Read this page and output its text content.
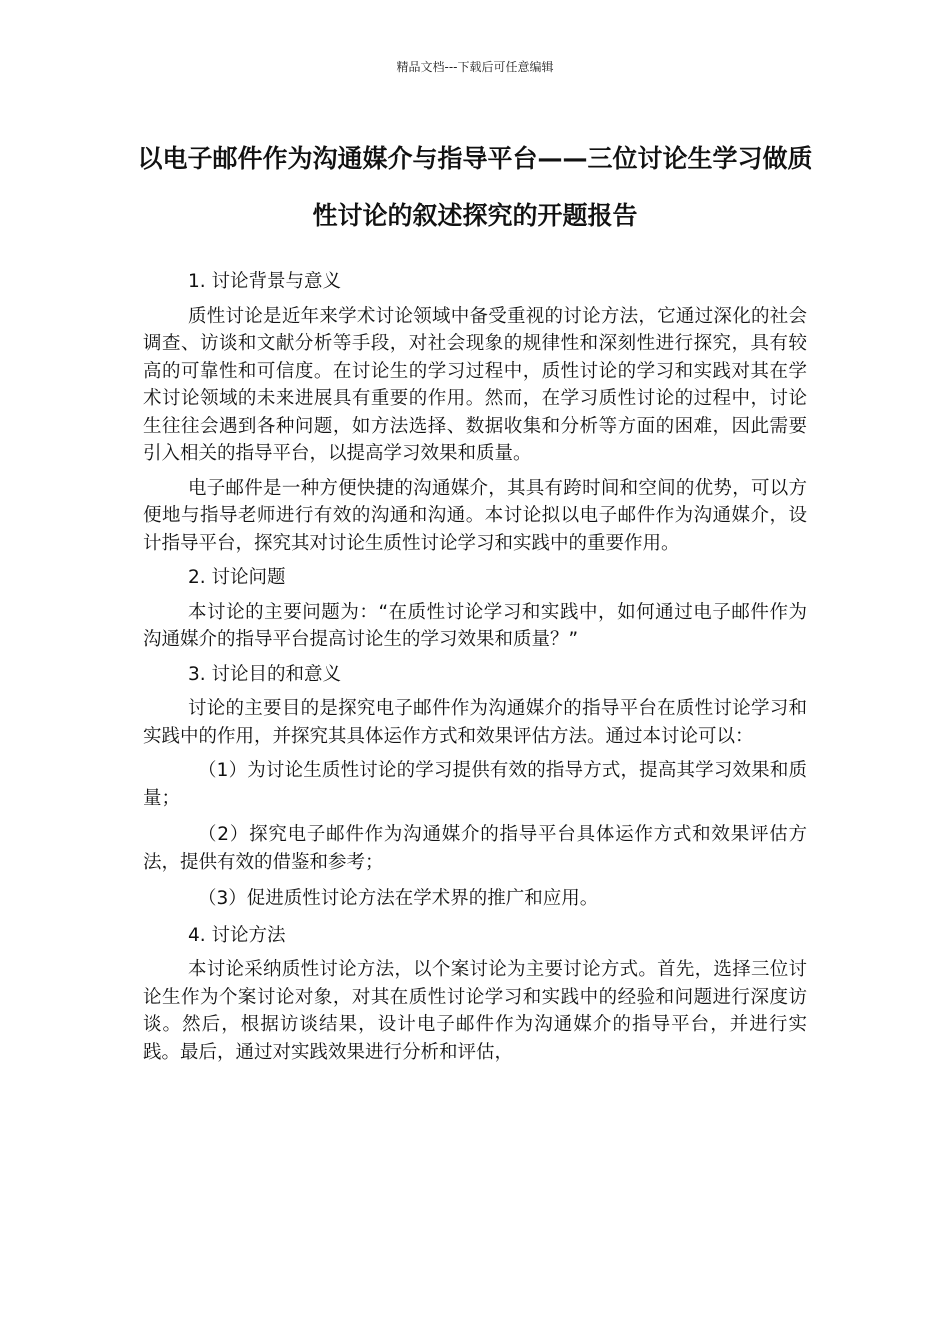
精品文档---下载后可任意编辑
以电子邮件作为沟通媒介与指导平台——三位讨论生学习做质性讨论的叙述探究的开题报告
1. 讨论背景与意义

质性讨论是近年来学术讨论领域中备受重视的讨论方法，它通过深化的社会调查、访谈和文献分析等手段，对社会现象的规律性和深刻性进行探究，具有较高的可靠性和可信度。在讨论生的学习过程中，质性讨论的学习和实践对其在学术讨论领域的未来进展具有重要的作用。然而，在学习质性讨论的过程中，讨论生往往会遇到各种问题，如方法选择、数据收集和分析等方面的困难，因此需要引入相关的指导平台，以提高学习效果和质量。

电子邮件是一种方便快捷的沟通媒介，其具有跨时间和空间的优势，可以方便地与指导老师进行有效的沟通和沟通。本讨论拟以电子邮件作为沟通媒介，设计指导平台，探究其对讨论生质性讨论学习和实践中的重要作用。

2. 讨论问题

本讨论的主要问题为：“在质性讨论学习和实践中，如何通过电子邮件作为沟通媒介的指导平台提高讨论生的学习效果和质量？”

3. 讨论目的和意义

讨论的主要目的是探究电子邮件作为沟通媒介的指导平台在质性讨论学习和实践中的作用，并探究其具体运作方式和效果评估方法。通过本讨论可以：

（1）为讨论生质性讨论的学习提供有效的指导方式，提高其学习效果和质量；

（2）探究电子邮件作为沟通媒介的指导平台具体运作方式和效果评估方法，提供有效的借鉴和参考；

（3）促进质性讨论方法在学术界的推广和应用。

4. 讨论方法

本讨论采纳质性讨论方法，以个案讨论为主要讨论方式。首先，选择三位讨论生作为个案讨论对象，对其在质性讨论学习和实践中的经验和问题进行深度访谈。然后，根据访谈结果，设计电子邮件作为沟通媒介的指导平台，并进行实践。最后，通过对实践效果进行分析和评估，
